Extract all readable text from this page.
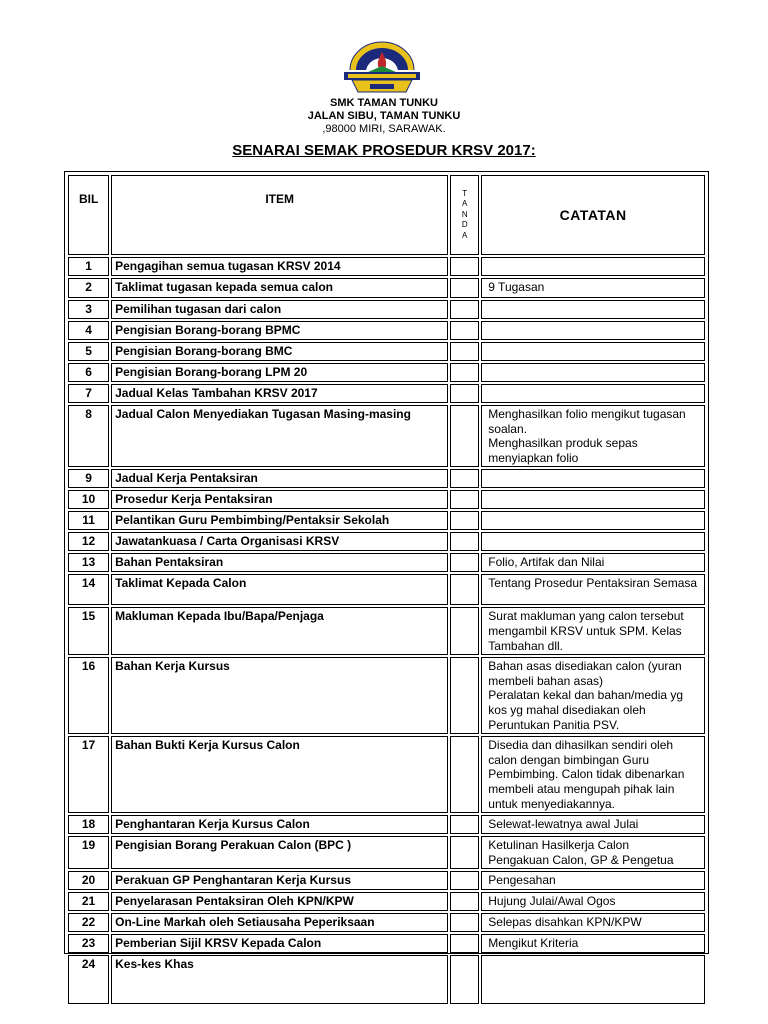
SMK TAMAN TUNKU
JALAN SIBU, TAMAN TUNKU
,98000 MIRI, SARAWAK.
SENARAI SEMAK PROSEDUR KRSV 2017:
BIL	ITEM	T
A
N
D
A	CATATAN
1	Pengagihan semua tugasan KRSV 2014		
2	Taklimat tugasan kepada semua calon		9 Tugasan
3	Pemilihan tugasan dari calon		
4	Pengisian Borang-borang BPMC		
5	Pengisian Borang-borang BMC		
6	Pengisian Borang-borang LPM 20		
7	Jadual Kelas Tambahan KRSV 2017		
8	Jadual Calon Menyediakan Tugasan Masing-masing		Menghasilkan folio mengikut tugasan soalan.
Menghasilkan produk sepas menyiapkan folio
9	Jadual Kerja Pentaksiran		
10	Prosedur Kerja Pentaksiran		
11	Pelantikan Guru Pembimbing/Pentaksir Sekolah		
12	Jawatankuasa / Carta Organisasi KRSV		
13	Bahan Pentaksiran		Folio, Artifak dan Nilai
14	Taklimat Kepada Calon		Tentang Prosedur Pentaksiran Semasa
15	Makluman Kepada Ibu/Bapa/Penjaga		Surat makluman yang calon tersebut mengambil KRSV untuk SPM. Kelas Tambahan dll.
16	Bahan Kerja Kursus		Bahan asas disediakan calon (yuran membeli bahan asas)
Peralatan kekal dan bahan/media yg kos yg mahal disediakan oleh Peruntukan Panitia PSV.
17	Bahan Bukti Kerja Kursus Calon		Disedia dan dihasilkan sendiri oleh calon dengan bimbingan Guru Pembimbing. Calon tidak dibenarkan membeli atau mengupah pihak lain untuk menyediakannya.
18	Penghantaran Kerja Kursus Calon		Selewat-lewatnya awal Julai
19	Pengisian Borang Perakuan Calon (BPC )		Ketulinan Hasilkerja Calon
Pengakuan Calon, GP & Pengetua
20	Perakuan GP Penghantaran Kerja Kursus		Pengesahan
21	Penyelarasan Pentaksiran Oleh KPN/KPW		Hujung Julai/Awal Ogos
22	On-Line Markah oleh Setiausaha Peperiksaan		Selepas disahkan KPN/KPW
23	Pemberian Sijil KRSV Kepada Calon		Mengikut Kriteria
24	Kes-kes Khas		
